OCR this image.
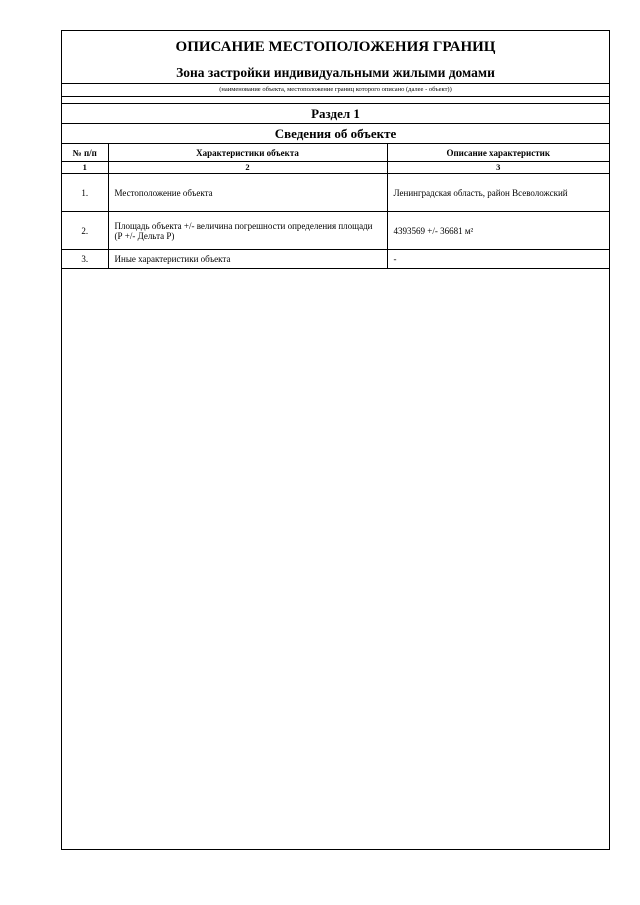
ОПИСАНИЕ МЕСТОПОЛОЖЕНИЯ ГРАНИЦ
Зона застройки индивидуальными жилыми домами
(наименование объекта, местоположение границ которого описано (далее - объект))
Раздел 1
Сведения об объекте
№ п/п	Характеристики объекта	Описание характеристик
1	2	3
1.	Местоположение объекта	Ленинградская область, район Всеволожский
2.	Площадь объекта +/- величина погрешности определения площади (Р +/- Дельта Р)	4393569 +/- 36681 м²
3.	Иные характеристики объекта	-
